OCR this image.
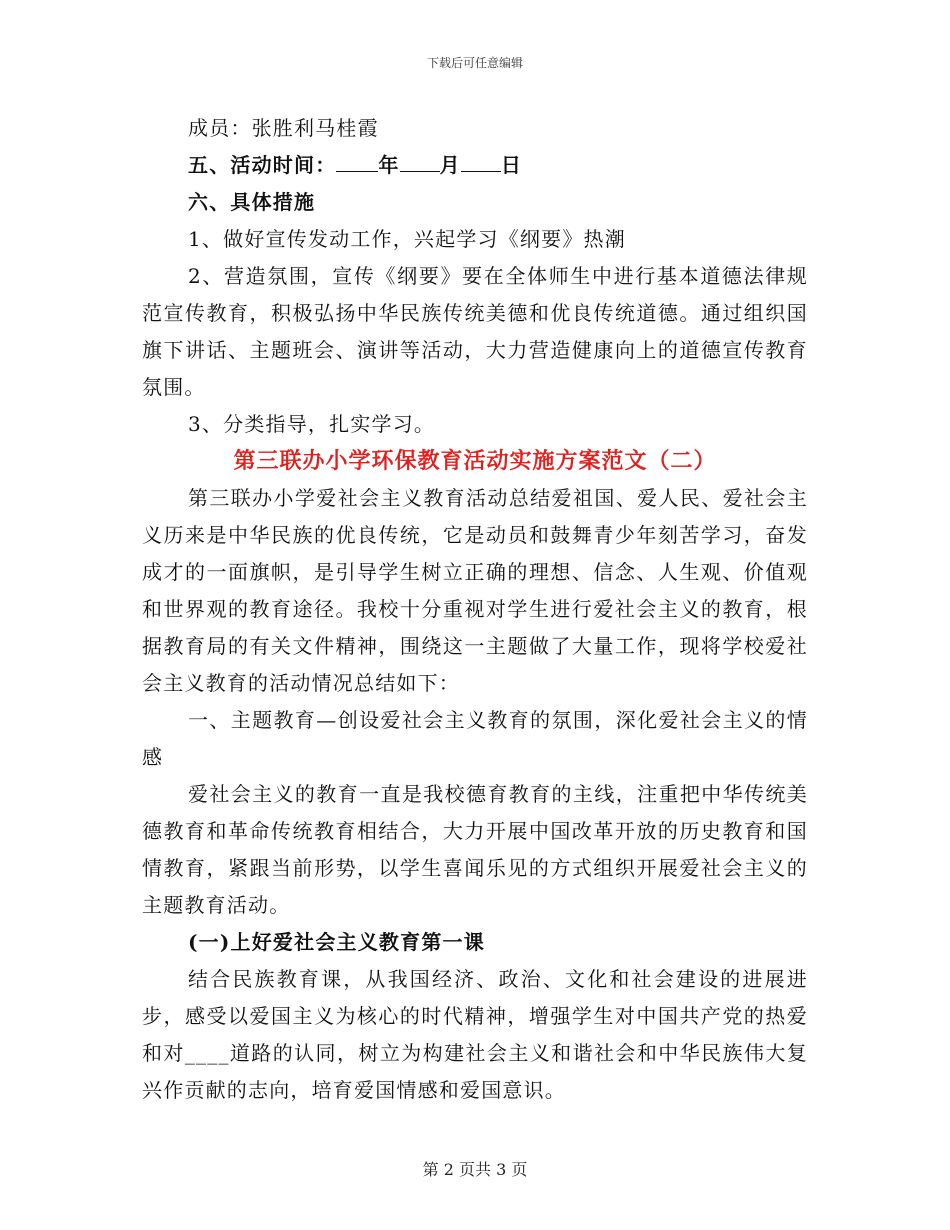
下载后可任意编辑

成员：张胜利马桂霞

五、活动时间： 年 月 日

六、具体措施

1、做好宣传发动工作，兴起学习《纲要》热潮

2、营造氛围，宣传《纲要》要在全体师生中进行基本道德法律规范宣传教育，积极弘扬中华民族传统美德和优良传统道德。通过组织国旗下讲话、主题班会、演讲等活动，大力营造健康向上的道德宣传教育氛围。

3、分类指导，扎实学习。

第三联办小学环保教育活动实施方案范文（二）

第三联办小学爱社会主义教育活动总结爱祖国、爱人民、爱社会主义历来是中华民族的优良传统，它是动员和鼓舞青少年刻苦学习，奋发成才的一面旗帜，是引导学生树立正确的理想、信念、人生观、价值观和世界观的教育途径。我校十分重视对学生进行爱社会主义的教育，根据教育局的有关文件精神，围绕这一主题做了大量工作，现将学校爱社会主义教育的活动情况总结如下：

一、主题教育—创设爱社会主义教育的氛围，深化爱社会主义的情感

爱社会主义的教育一直是我校德育教育的主线，注重把中华传统美德教育和革命传统教育相结合，大力开展中国改革开放的历史教育和国情教育，紧跟当前形势，以学生喜闻乐见的方式组织开展爱社会主义的主题教育活动。

(一)上好爱社会主义教育第一课

结合民族教育课，从我国经济、政治、文化和社会建设的进展进步，感受以爱国主义为核心的时代精神，增强学生对中国共产党的热爱和对____道路的认同，树立为构建社会主义和谐社会和中华民族伟大复兴作贡献的志向，培育爱国情感和爱国意识。

第 2 页共 3 页
